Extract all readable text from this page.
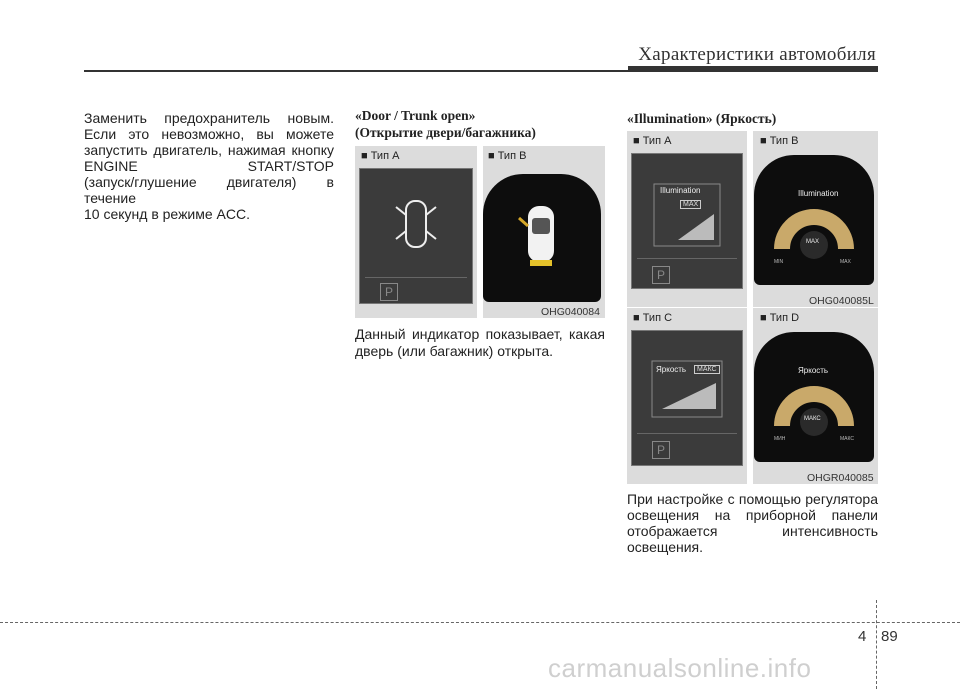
Характеристики автомобиля
Заменить предохранитель новым.
Если это невозможно, вы можете
запустить двигатель, нажимая кнопку
ENGINE START/STOP
(запуск/глушение двигателя) в течение
10 секунд в режиме ACC.
«Door / Trunk open»
(Открытие двери/багажника)
■ Тип A	■ Тип B
P
OHG040084
Данный индикатор показывает, какая
дверь (или багажник) открыта.
«Illumination» (Яркость)
■ Тип A	■ Тип B
Illumination
MAX
P
Illumination
MAX
MIN	MAX
OHG040085L
■ Тип C	■ Тип D
Яркость	МАКС
P
Яркость
МАКС
МИН	МАКС
OHGR040085
При настройке с помощью регулятора
освещения на приборной панели
отображается интенсивность
освещения.
4 89
carmanualsonline.info
